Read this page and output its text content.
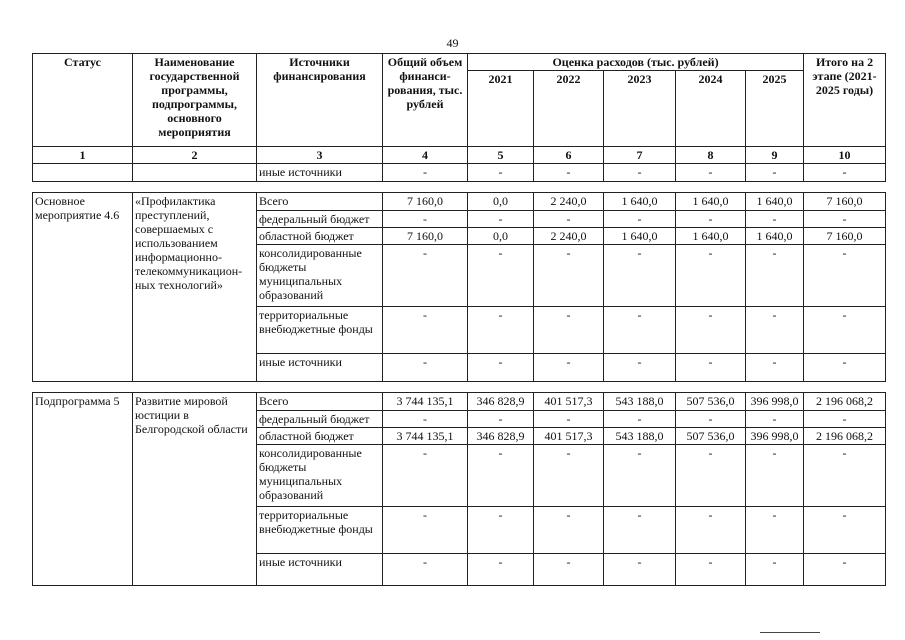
49
Статус	Наименование государственной программы, подпрограммы, основного мероприятия	Источники финансирования	Общий объем финанси-рования, тыс. рублей	Оценка расходов (тыс. рублей)					Итого на 2 этапе (2021-2025 годы)
				2021	2022	2023	2024	2025	
1	2	3	4	5	6	7	8	9	10
		иные источники	-	-	-	-	-	-	-

Основное мероприятие 4.6	«Профилактика преступлений, совершаемых с использованием информационно-телекоммуникацион-ных технологий»	Всего	7 160,0	0,0	2 240,0	1 640,0	1 640,0	1 640,0	7 160,0
		федеральный бюджет	-	-	-	-	-	-	-
		областной бюджет	7 160,0	0,0	2 240,0	1 640,0	1 640,0	1 640,0	7 160,0
		консолидированные бюджеты муниципальных образований	-	-	-	-	-	-	-
		территориальные внебюджетные фонды	-	-	-	-	-	-	-
		иные источники	-	-	-	-	-	-	-

Подпрограмма 5	Развитие мировой юстиции в Белгородской области	Всего	3 744 135,1	346 828,9	401 517,3	543 188,0	507 536,0	396 998,0	2 196 068,2
		федеральный бюджет	-	-	-	-	-	-	-
		областной бюджет	3 744 135,1	346 828,9	401 517,3	543 188,0	507 536,0	396 998,0	2 196 068,2
		консолидированные бюджеты муниципальных образований	-	-	-	-	-	-	-
		территориальные внебюджетные фонды	-	-	-	-	-	-	-
		иные источники	-	-	-	-	-	-	-
